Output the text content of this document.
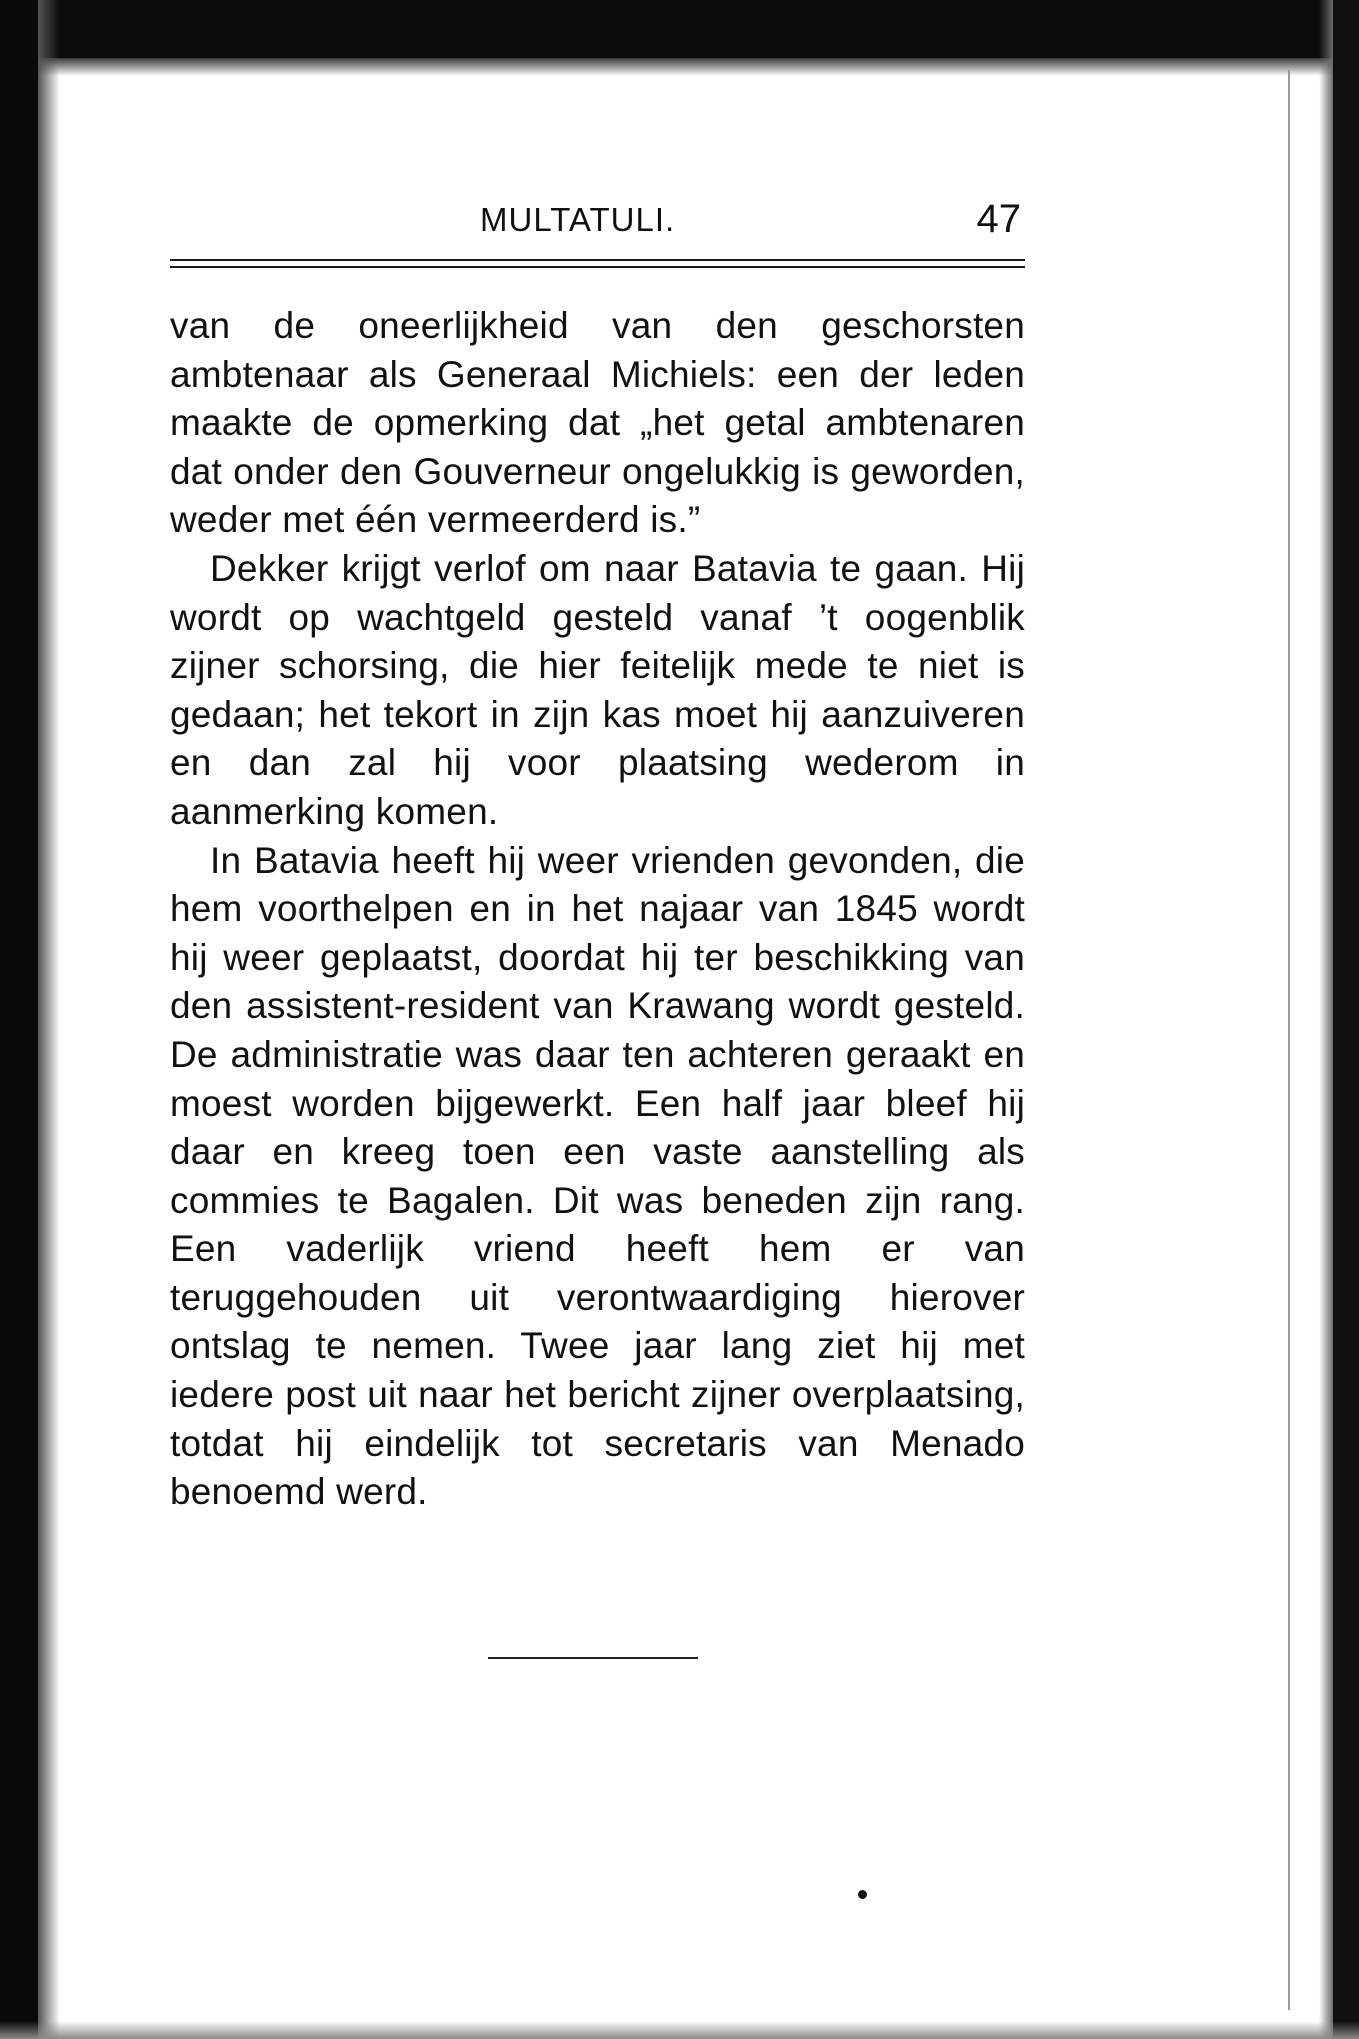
MULTATULI.	47

van de oneerlijkheid van den geschorsten ambtenaar als Generaal Michiels: een der leden maakte de opmerking dat „het getal ambtenaren dat onder den Gouverneur ongelukkig is geworden, weder met één vermeerderd is.”

Dekker krijgt verlof om naar Batavia te gaan. Hij wordt op wachtgeld gesteld vanaf ’t oogenblik zijner schorsing, die hier feitelijk mede te niet is gedaan; het tekort in zijn kas moet hij aanzuiveren en dan zal hij voor plaatsing wederom in aanmerking komen.

In Batavia heeft hij weer vrienden gevonden, die hem voorthelpen en in het najaar van 1845 wordt hij weer geplaatst, doordat hij ter beschikking van den assistent-resident van Krawang wordt gesteld. De administratie was daar ten achteren geraakt en moest worden bijgewerkt. Een half jaar bleef hij daar en kreeg toen een vaste aanstelling als commies te Bagalen. Dit was beneden zijn rang. Een vaderlijk vriend heeft hem er van teruggehouden uit verontwaardiging hierover ontslag te nemen. Twee jaar lang ziet hij met iedere post uit naar het bericht zijner overplaatsing, totdat hij eindelijk tot secretaris van Menado benoemd werd.
